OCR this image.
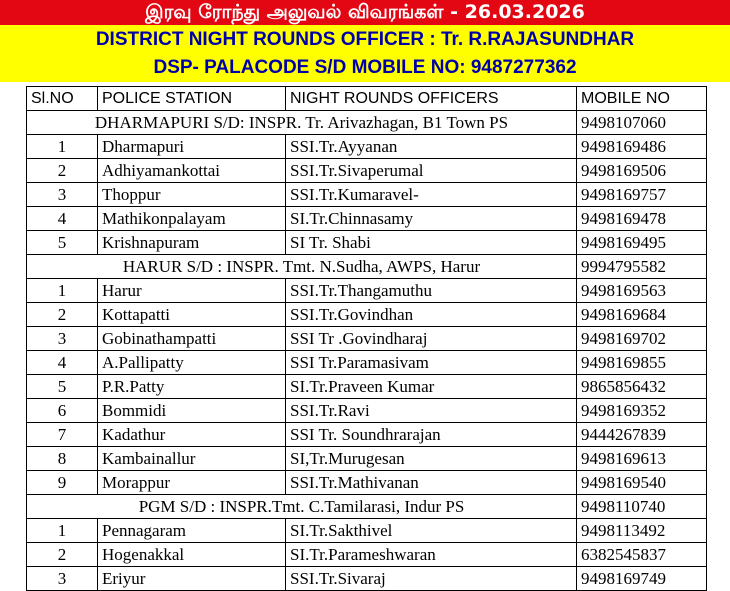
இரவு ரோந்து அலுவல் விவரங்கள் - 26.03.2026
DISTRICT NIGHT ROUNDS OFFICER : Tr. R.RAJASUNDHAR
DSP- PALACODE S/D MOBILE NO: 9487277362
Sl.NO	POLICE STATION	NIGHT ROUNDS OFFICERS	MOBILE NO
DHARMAPURI S/D: INSPR. Tr. Arivazhagan, B1 Town PS			9498107060
1	Dharmapuri	SSI.Tr.Ayyanan	9498169486
2	Adhiyamankottai	SSI.Tr.Sivaperumal	9498169506
3	Thoppur	SSI.Tr.Kumaravel-	9498169757
4	Mathikonpalayam	SI.Tr.Chinnasamy	9498169478
5	Krishnapuram	SI Tr. Shabi	9498169495
HARUR S/D : INSPR. Tmt. N.Sudha, AWPS, Harur			9994795582
1	Harur	SSI.Tr.Thangamuthu	9498169563
2	Kottapatti	SSI.Tr.Govindhan	9498169684
3	Gobinathampatti	SSI Tr .Govindharaj	9498169702
4	A.Pallipatty	SSI Tr.Paramasivam	9498169855
5	P.R.Patty	SI.Tr.Praveen Kumar	9865856432
6	Bommidi	SSI.Tr.Ravi	9498169352
7	Kadathur	SSI Tr. Soundhrarajan	9444267839
8	Kambainallur	SI,Tr.Murugesan	9498169613
9	Morappur	SSI.Tr.Mathivanan	9498169540
PGM S/D : INSPR.Tmt. C.Tamilarasi, Indur PS			9498110740
1	Pennagaram	SI.Tr.Sakthivel	9498113492
2	Hogenakkal	SI.Tr.Parameshwaran	6382545837
3	Eriyur	SSI.Tr.Sivaraj	9498169749
